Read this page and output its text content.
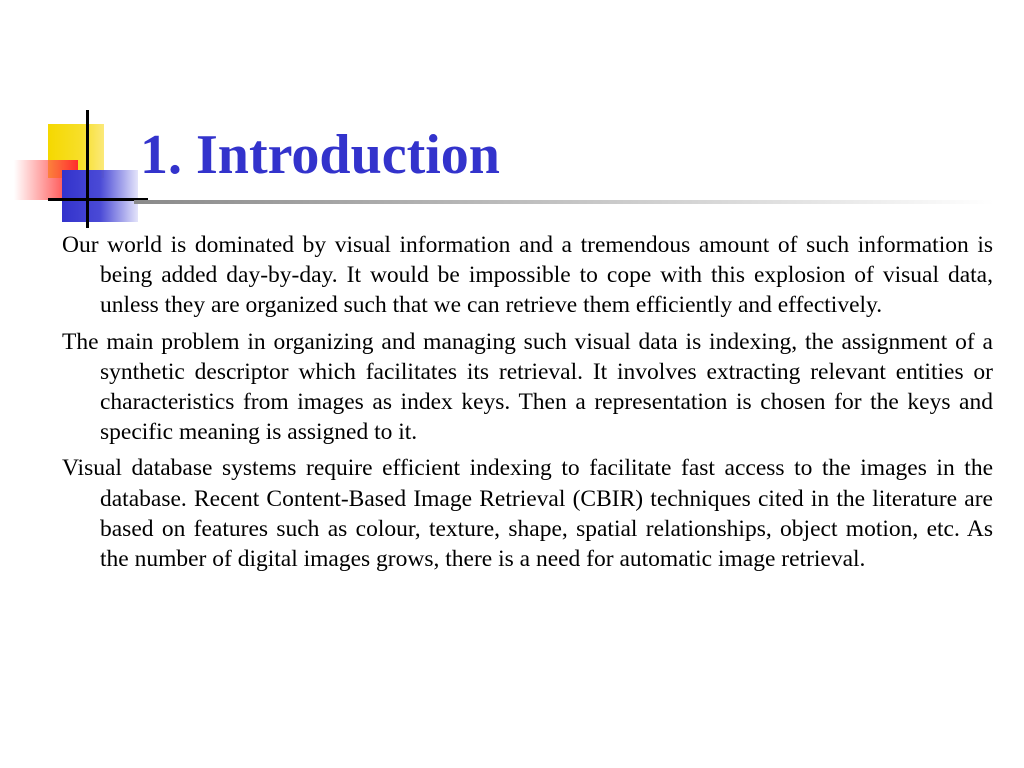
1. Introduction

Our world is dominated by visual information and a tremendous amount of such information is being added day-by-day. It would be impossible to cope with this explosion of visual data, unless they are organized such that we can retrieve them efficiently and effectively.

The main problem in organizing and managing such visual data is indexing, the assignment of a synthetic descriptor which facilitates its retrieval. It involves extracting relevant entities or characteristics from images as index keys. Then a representation is chosen for the keys and specific meaning is assigned to it.

Visual database systems require efficient indexing to facilitate fast access to the images in the database. Recent Content-Based Image Retrieval (CBIR) techniques cited in the literature are based on features such as colour, texture, shape, spatial relationships, object motion, etc. As the number of digital images grows, there is a need for automatic image retrieval.
